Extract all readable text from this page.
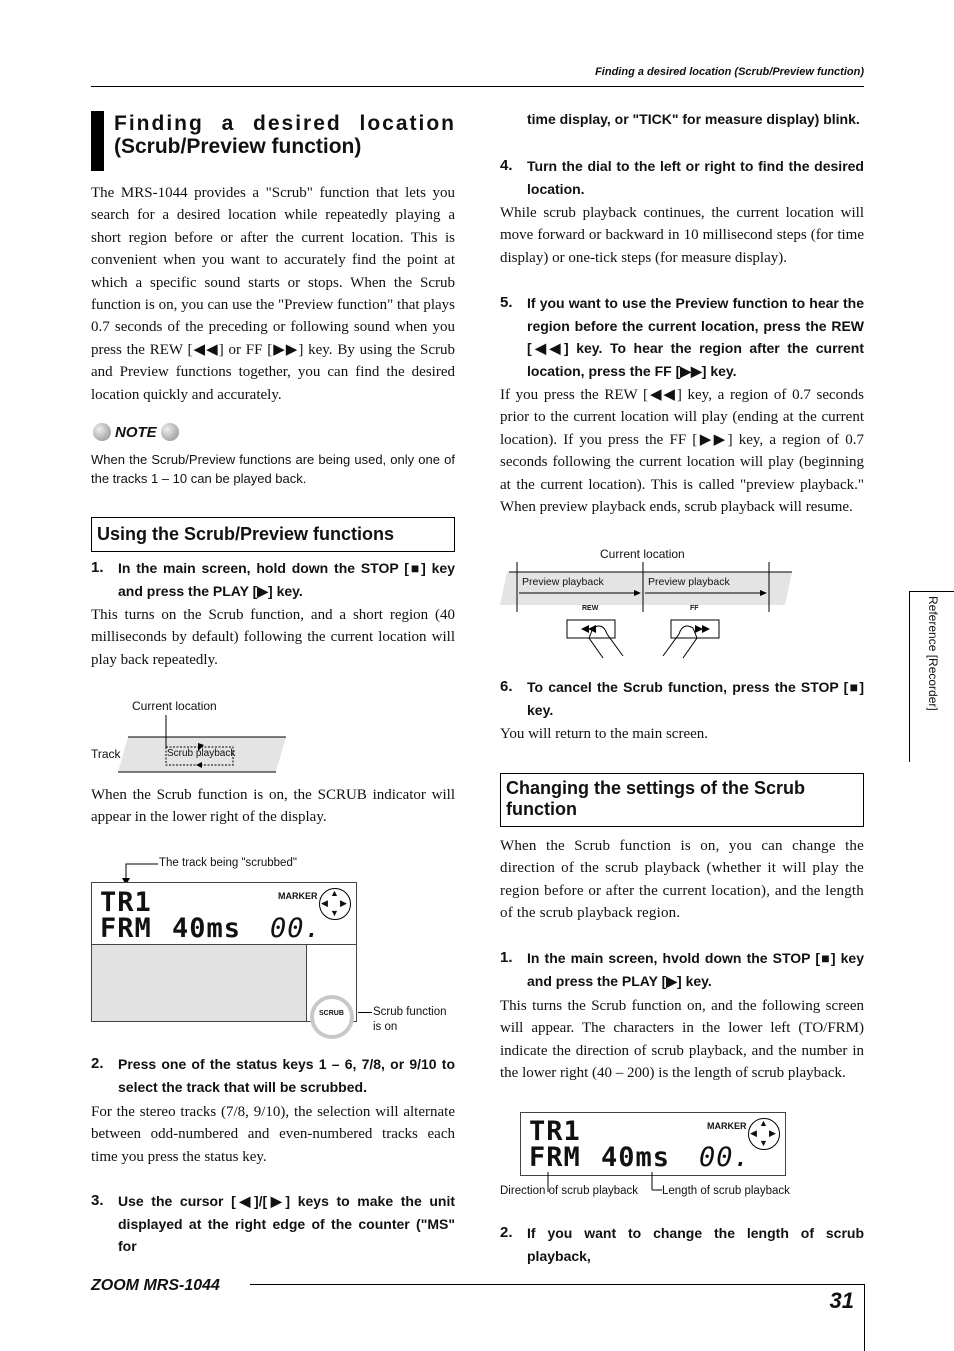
Finding a desired location (Scrub/Preview function)
Finding a desired location
(Scrub/Preview function)
The MRS-1044 provides a "Scrub" function that lets you search for a desired location while repeatedly playing a short region before or after the current location. This is convenient when you want to accurately find the point at which a specific sound starts or stops. When the Scrub function is on, you can use the "Preview function" that plays 0.7 seconds of the preceding or following sound when you press the REW [◀◀] or FF [▶▶] key. By using the Scrub and Preview functions together, you can find the desired location quickly and accurately.
NOTE
When the Scrub/Preview functions are being used, only one of the tracks 1 – 10 can be played back.
Using the Scrub/Preview functions
1. In the main screen, hold down the STOP [■] key and press the PLAY [▶] key.
This turns on the Scrub function, and a short region (40 milliseconds by default) following the current location will play back repeatedly.
Current location
Track	Scrub playback
When the Scrub function is on, the SCRUB indicator will appear in the lower right of the display.
The track being "scrubbed"
TR1
FRM 40ms 00.
MARKER ▲
▼
◀ ▶
SCRUB	Scrub function
is on
2. Press one of the status keys 1 – 6, 7/8, or 9/10 to select the track that will be scrubbed.
For the stereo tracks (7/8, 9/10), the selection will alternate between odd-numbered and even-numbered tracks each time you press the status key.
3. Use the cursor [◀]/[▶] keys to make the unit displayed at the right edge of the counter ("MS" for
time display, or "TICK" for measure display) blink.
4. Turn the dial to the left or right to find the desired location.
While scrub playback continues, the current location will move forward or backward in 10 millisecond steps (for time display) or one-tick steps (for measure display).
5. If you want to use the Preview function to hear the region before the current location, press the REW [◀◀] key. To hear the region after the current location, press the FF [▶▶] key.
If you press the REW [◀◀] key, a region of 0.7 seconds prior to the current location will play (ending at the current location). If you press the FF [▶▶] key, a region of 0.7 seconds following the current location will play (beginning at the current location). This is called "preview playback." When preview playback ends, scrub playback will resume.
Current location
Preview playback	Preview playback
REW	FF
6. To cancel the Scrub function, press the STOP [■] key.
You will return to the main screen.
Changing the settings of the Scrub function
When the Scrub function is on, you can change the direction of the scrub playback (whether it will play the region before or after the current location), and the length of the scrub playback region.
1. In the main screen, hvold down the STOP [■] key and press the PLAY [▶] key.
This turns the Scrub function on, and the following screen will appear. The characters in the lower left (TO/FRM) indicate the direction of scrub playback, and the number in the lower right (40 – 200) is the length of scrub playback.
TR1
FRM 40ms 00.
MARKER ▲
▼
◀ ▶
Direction of scrub playback Length of scrub playback
2. If you want to change the length of scrub playback,
Reference [Recorder]
ZOOM MRS-1044
31
